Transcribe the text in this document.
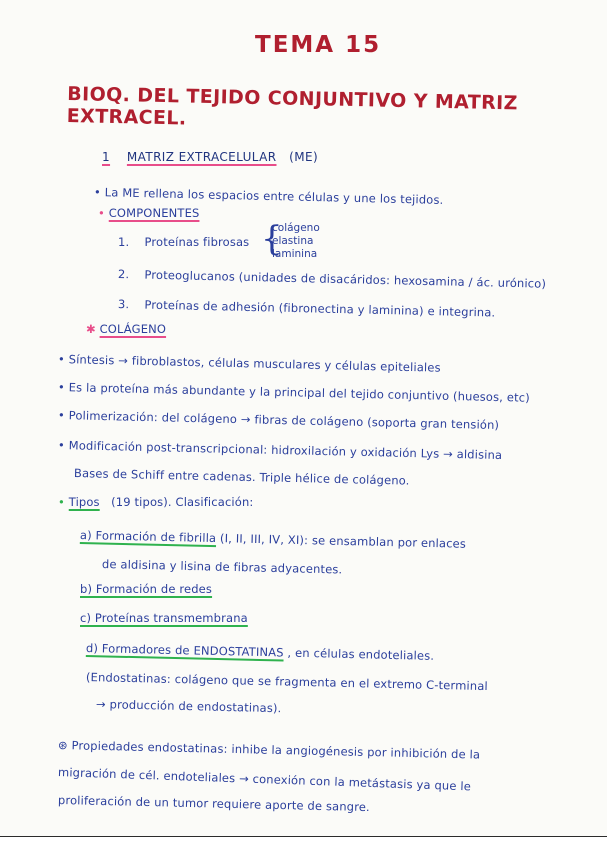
TEMA 15
BIOQ. DEL TEJIDO CONJUNTIVO Y MATRIZ EXTRACEL.
1 MATRIZ EXTRACELULAR (ME)
• La ME rellena los espacios entre células y une los tejidos.
• COMPONENTES
1. Proteínas fibrosas {
colágeno
elastina
laminina
2. Proteoglucanos (unidades de disacáridos: hexosamina / ác. urónico)
3. Proteínas de adhesión (fibronectina y laminina) e integrina.
✱ COLÁGENO
• Síntesis → fibroblastos, células musculares y células epiteliales
• Es la proteína más abundante y la principal del tejido conjuntivo (huesos, etc)
• Polimerización: del colágeno → fibras de colágeno (soporta gran tensión)
• Modificación post-transcripcional: hidroxilación y oxidación Lys → aldisina
Bases de Schiff entre cadenas. Triple hélice de colágeno.
• Tipos (19 tipos). Clasificación:
a) Formación de fibrilla (I, II, III, IV, XI): se ensamblan por enlaces
de aldisina y lisina de fibras adyacentes.
b) Formación de redes
c) Proteínas transmembrana
d) Formadores de ENDOSTATINAS , en células endoteliales.
(Endostatinas: colágeno que se fragmenta en el extremo C-terminal
→ producción de endostatinas).
⊛ Propiedades endostatinas: inhibe la angiogénesis por inhibición de la
migración de cél. endoteliales → conexión con la metástasis ya que le
proliferación de un tumor requiere aporte de sangre.
